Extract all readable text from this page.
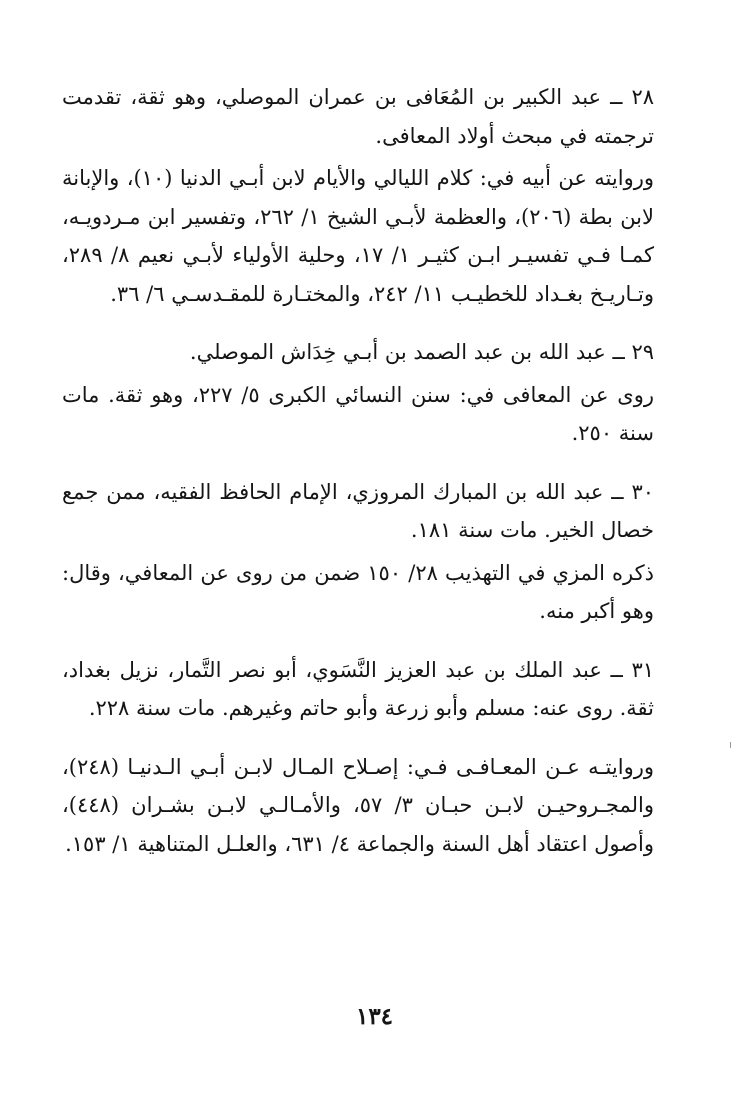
٢٨ ــ عبد الكبير بن المُعَافى بن عمران الموصلي، وهو ثقة، تقدمت ترجمته في مبحث أولاد المعافى.

وروايته عن أبيه في: كلام الليالي والأيام لابن أبـي الدنيا (١٠)، والإبانة لابن بطة (٢٠٦)، والعظمة لأبـي الشيخ ١/ ٢٦٢، وتفسير ابن مـردويـه، كمـا فـي تفسيـر ابـن كثيـر ١/ ١٧، وحلية الأولياء لأبـي نعيم ٨/ ٢٨٩، وتـاريـخ بغـداد للخطيـب ١١/ ٢٤٢، والمختـارة للمقـدسـي ٦/ ٣٦.

٢٩ ــ عبد الله بن عبد الصمد بن أبـي خِدَاش الموصلي.

روى عن المعافى في: سنن النسائي الكبرى ٥/ ٢٢٧، وهو ثقة. مات سنة ٢٥٠.

٣٠ ــ عبد الله بن المبارك المروزي، الإمام الحافظ الفقيه، ممن جمع خصال الخير. مات سنة ١٨١.

ذكره المزي في التهذيب ٢٨/ ١٥٠ ضمن من روى عن المعافي، وقال: وهو أكبر منه.

٣١ ــ عبد الملك بن عبد العزيز النَّسَوي، أبو نصر التَّمار، نزيل بغداد، ثقة. روى عنه: مسلم وأبو زرعة وأبو حاتم وغيرهم. مات سنة ٢٢٨.

وروايتـه عـن المعـافـى فـي: إصـلاح المـال لابـن أبـي الـدنيـا (٢٤٨)، والمجـروحيـن لابـن حبـان ٣/ ٥٧، والأمـالـي لابـن بشـران (٤٤٨)، وأصول اعتقاد أهل السنة والجماعة ٤/ ٦٣١، والعلـل المتناهية ١/ ١٥٣.

١٣٤
